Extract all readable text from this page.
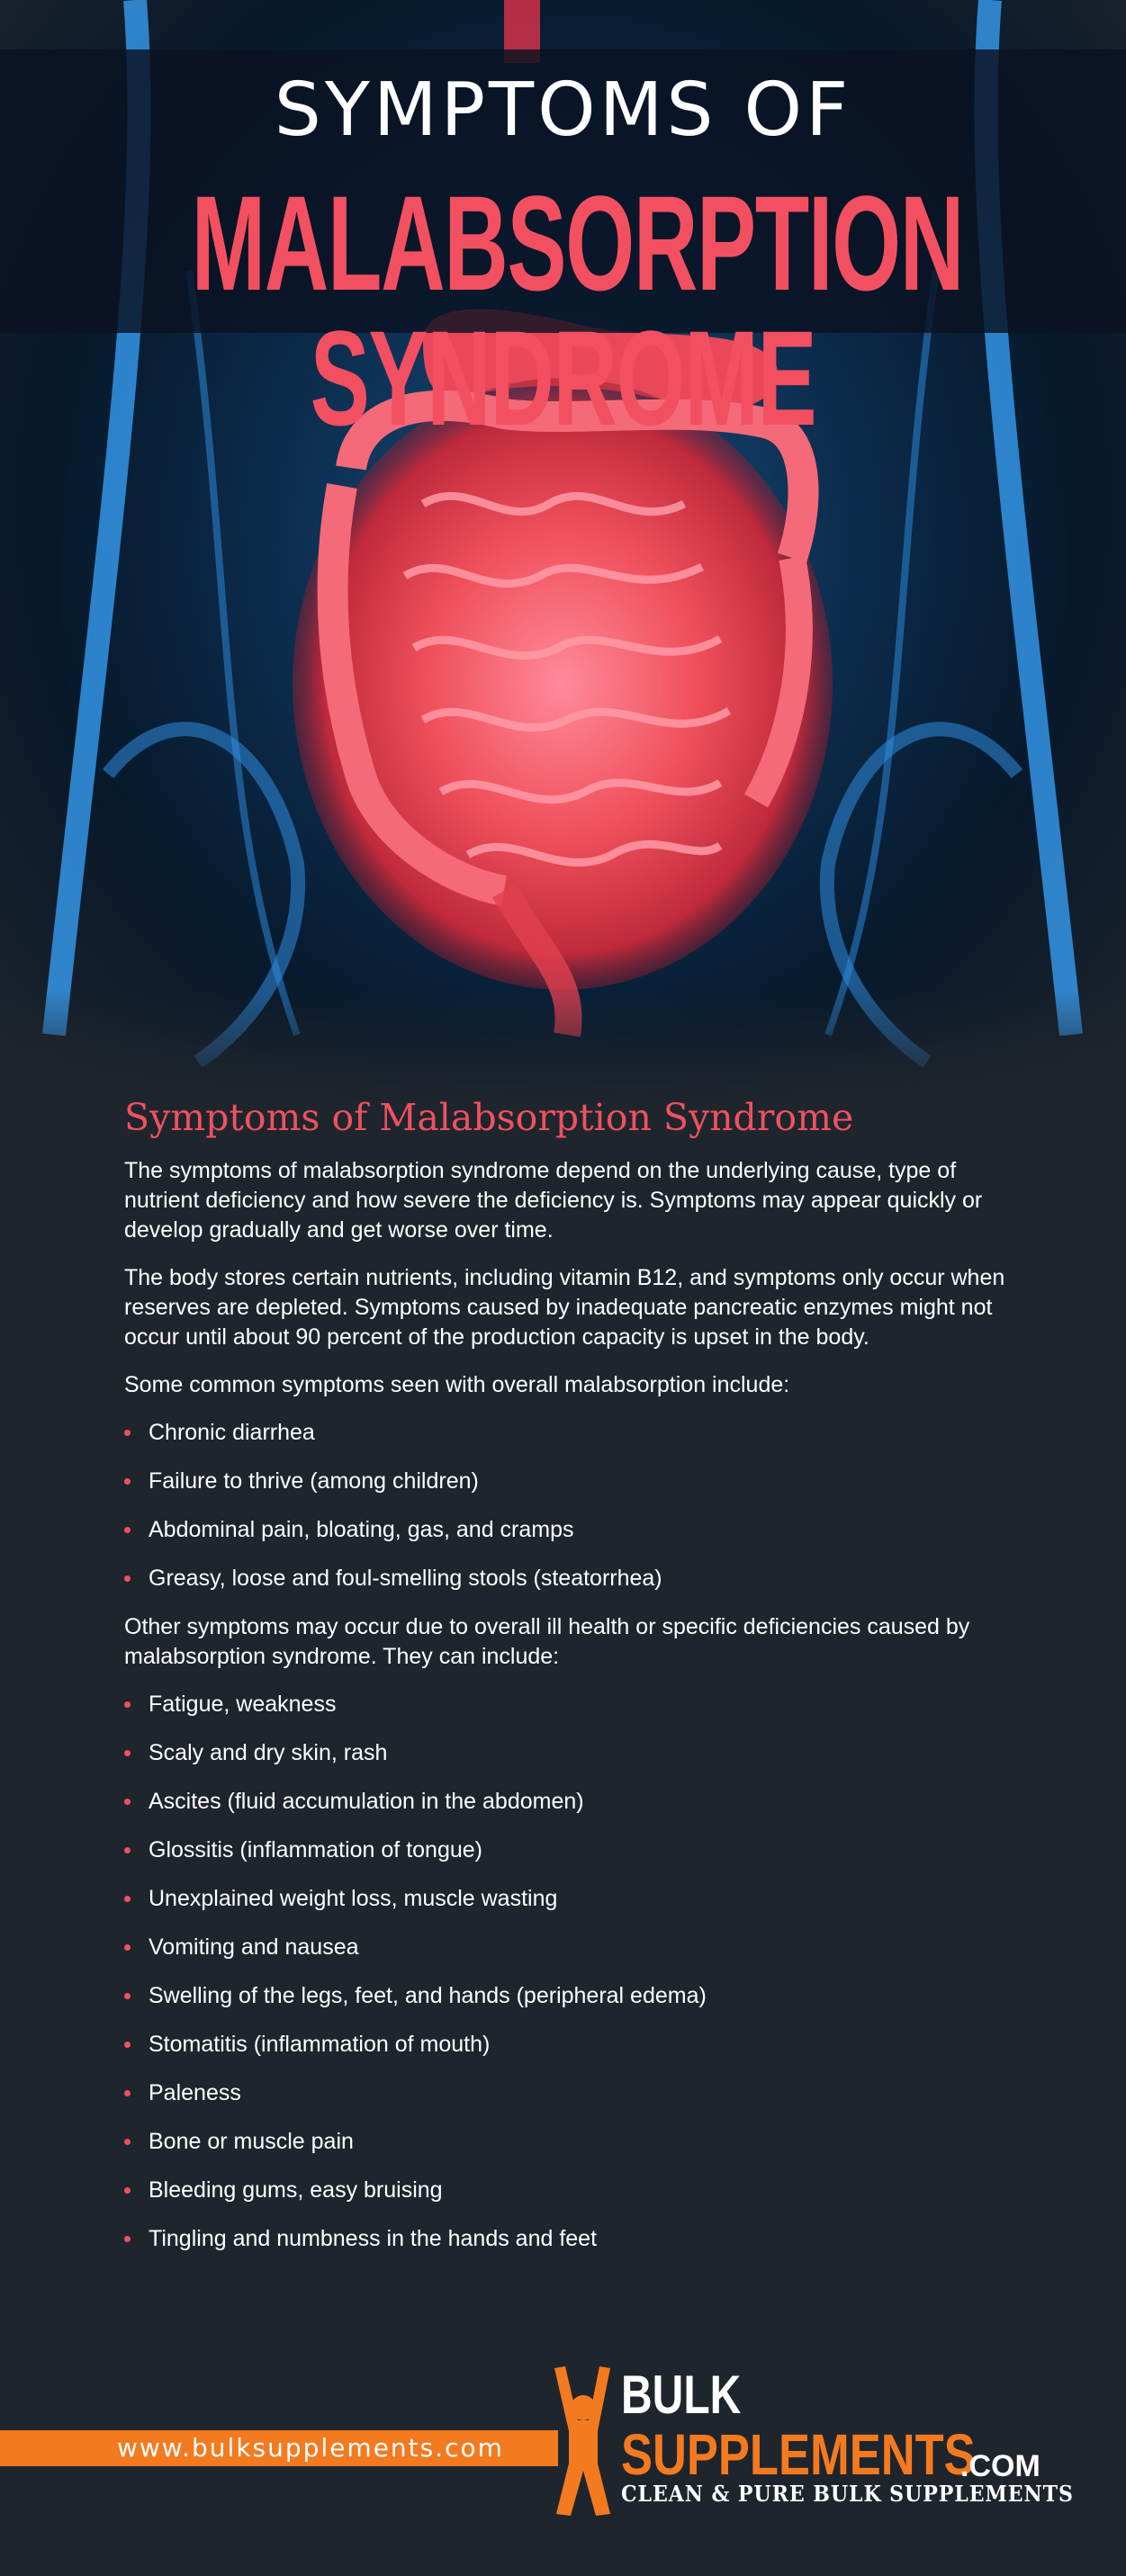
SYMPTOMS OF
MALABSORPTION SYNDROME
Symptoms of Malabsorption Syndrome

The symptoms of malabsorption syndrome depend on the underlying cause, type of nutrient deficiency and how severe the deficiency is. Symptoms may appear quickly or develop gradually and get worse over time.

The body stores certain nutrients, including vitamin B12, and symptoms only occur when reserves are depleted. Symptoms caused by inadequate pancreatic enzymes might not occur until about 90 percent of the production capacity is upset in the body.

Some common symptoms seen with overall malabsorption include:

Chronic diarrhea
Failure to thrive (among children)
Abdominal pain, bloating, gas, and cramps
Greasy, loose and foul-smelling stools (steatorrhea)

Other symptoms may occur due to overall ill health or specific deficiencies caused by malabsorption syndrome. They can include:

Fatigue, weakness
Scaly and dry skin, rash
Ascites (fluid accumulation in the abdomen)
Glossitis (inflammation of tongue)
Unexplained weight loss, muscle wasting
Vomiting and nausea
Swelling of the legs, feet, and hands (peripheral edema)
Stomatitis (inflammation of mouth)
Paleness
Bone or muscle pain
Bleeding gums, easy bruising
Tingling and numbness in the hands and feet
www.bulksupplements.com
BULK
SUPPLEMENTS
.COM
CLEAN & PURE BULK SUPPLEMENTS
